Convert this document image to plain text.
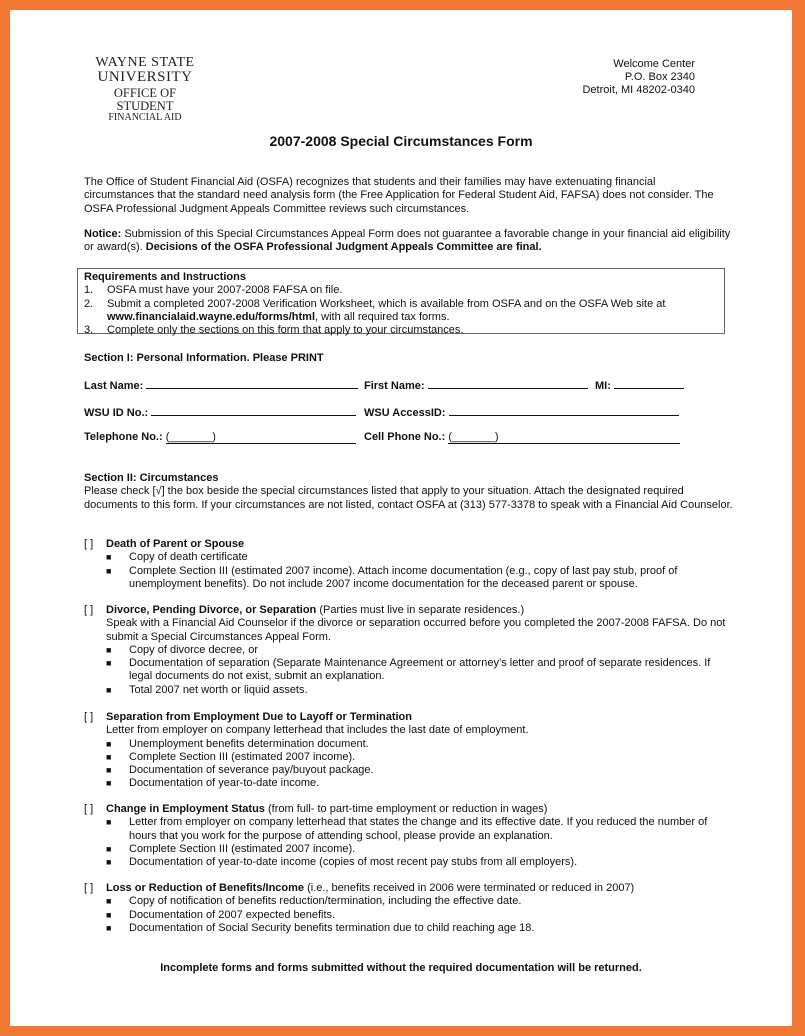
WAYNE STATE
UNIVERSITY
OFFICE OF STUDENT
FINANCIAL AID
Welcome Center
P.O. Box 2340
Detroit, MI 48202-0340
2007-2008 Special Circumstances Form

The Office of Student Financial Aid (OSFA) recognizes that students and their families may have extenuating financial circumstances that the standard need analysis form (the Free Application for Federal Student Aid, FAFSA) does not consider. The OSFA Professional Judgment Appeals Committee reviews such circumstances.

Notice: Submission of this Special Circumstances Appeal Form does not guarantee a favorable change in your financial aid eligibility or award(s). Decisions of the OSFA Professional Judgment Appeals Committee are final.

Requirements and Instructions
1.	OSFA must have your 2007-2008 FAFSA on file.
2.	Submit a completed 2007-2008 Verification Worksheet, which is available from OSFA and on the OSFA Web site at www.financialaid.wayne.edu/forms/html, with all required tax forms.
3.	Complete only the sections on this form that apply to your circumstances.
Section I: Personal Information. Please PRINT
Last Name:	First Name:	MI:
WSU ID No.:	WSU AccessID:
Telephone No.: (_______)	Cell Phone No.: (_______)
Section II: Circumstances

Please check [√] the box beside the special circumstances listed that apply to your situation. Attach the designated required documents to this form. If your circumstances are not listed, contact OSFA at (313) 577-3378 to speak with a Financial Aid Counselor.

[ ] Death of Parent or Spouse
■	Copy of death certificate
■	Complete Section III (estimated 2007 income). Attach income documentation (e.g., copy of last pay stub, proof of unemployment benefits). Do not include 2007 income documentation for the deceased parent or spouse.
[ ] Divorce, Pending Divorce, or Separation (Parties must live in separate residences.)

Speak with a Financial Aid Counselor if the divorce or separation occurred before you completed the 2007-2008 FAFSA. Do not submit a Special Circumstances Appeal Form.

■	Copy of divorce decree, or
■	Documentation of separation (Separate Maintenance Agreement or attorney’s letter and proof of separate residences. If legal documents do not exist, submit an explanation.
■	Total 2007 net worth or liquid assets.
[ ] Separation from Employment Due to Layoff or Termination

Letter from employer on company letterhead that includes the last date of employment.

■	Unemployment benefits determination document.
■	Complete Section III (estimated 2007 income).
■	Documentation of severance pay/buyout package.
■	Documentation of year-to-date income.
[ ] Change in Employment Status (from full- to part-time employment or reduction in wages)
■	Letter from employer on company letterhead that states the change and its effective date. If you reduced the number of hours that you work for the purpose of attending school, please provide an explanation.
■	Complete Section III (estimated 2007 income).
■	Documentation of year-to-date income (copies of most recent pay stubs from all employers).
[ ] Loss or Reduction of Benefits/Income (i.e., benefits received in 2006 were terminated or reduced in 2007)
■	Copy of notification of benefits reduction/termination, including the effective date.
■	Documentation of 2007 expected benefits.
■	Documentation of Social Security benefits termination due to child reaching age 18.
Incomplete forms and forms submitted without the required documentation will be returned.
